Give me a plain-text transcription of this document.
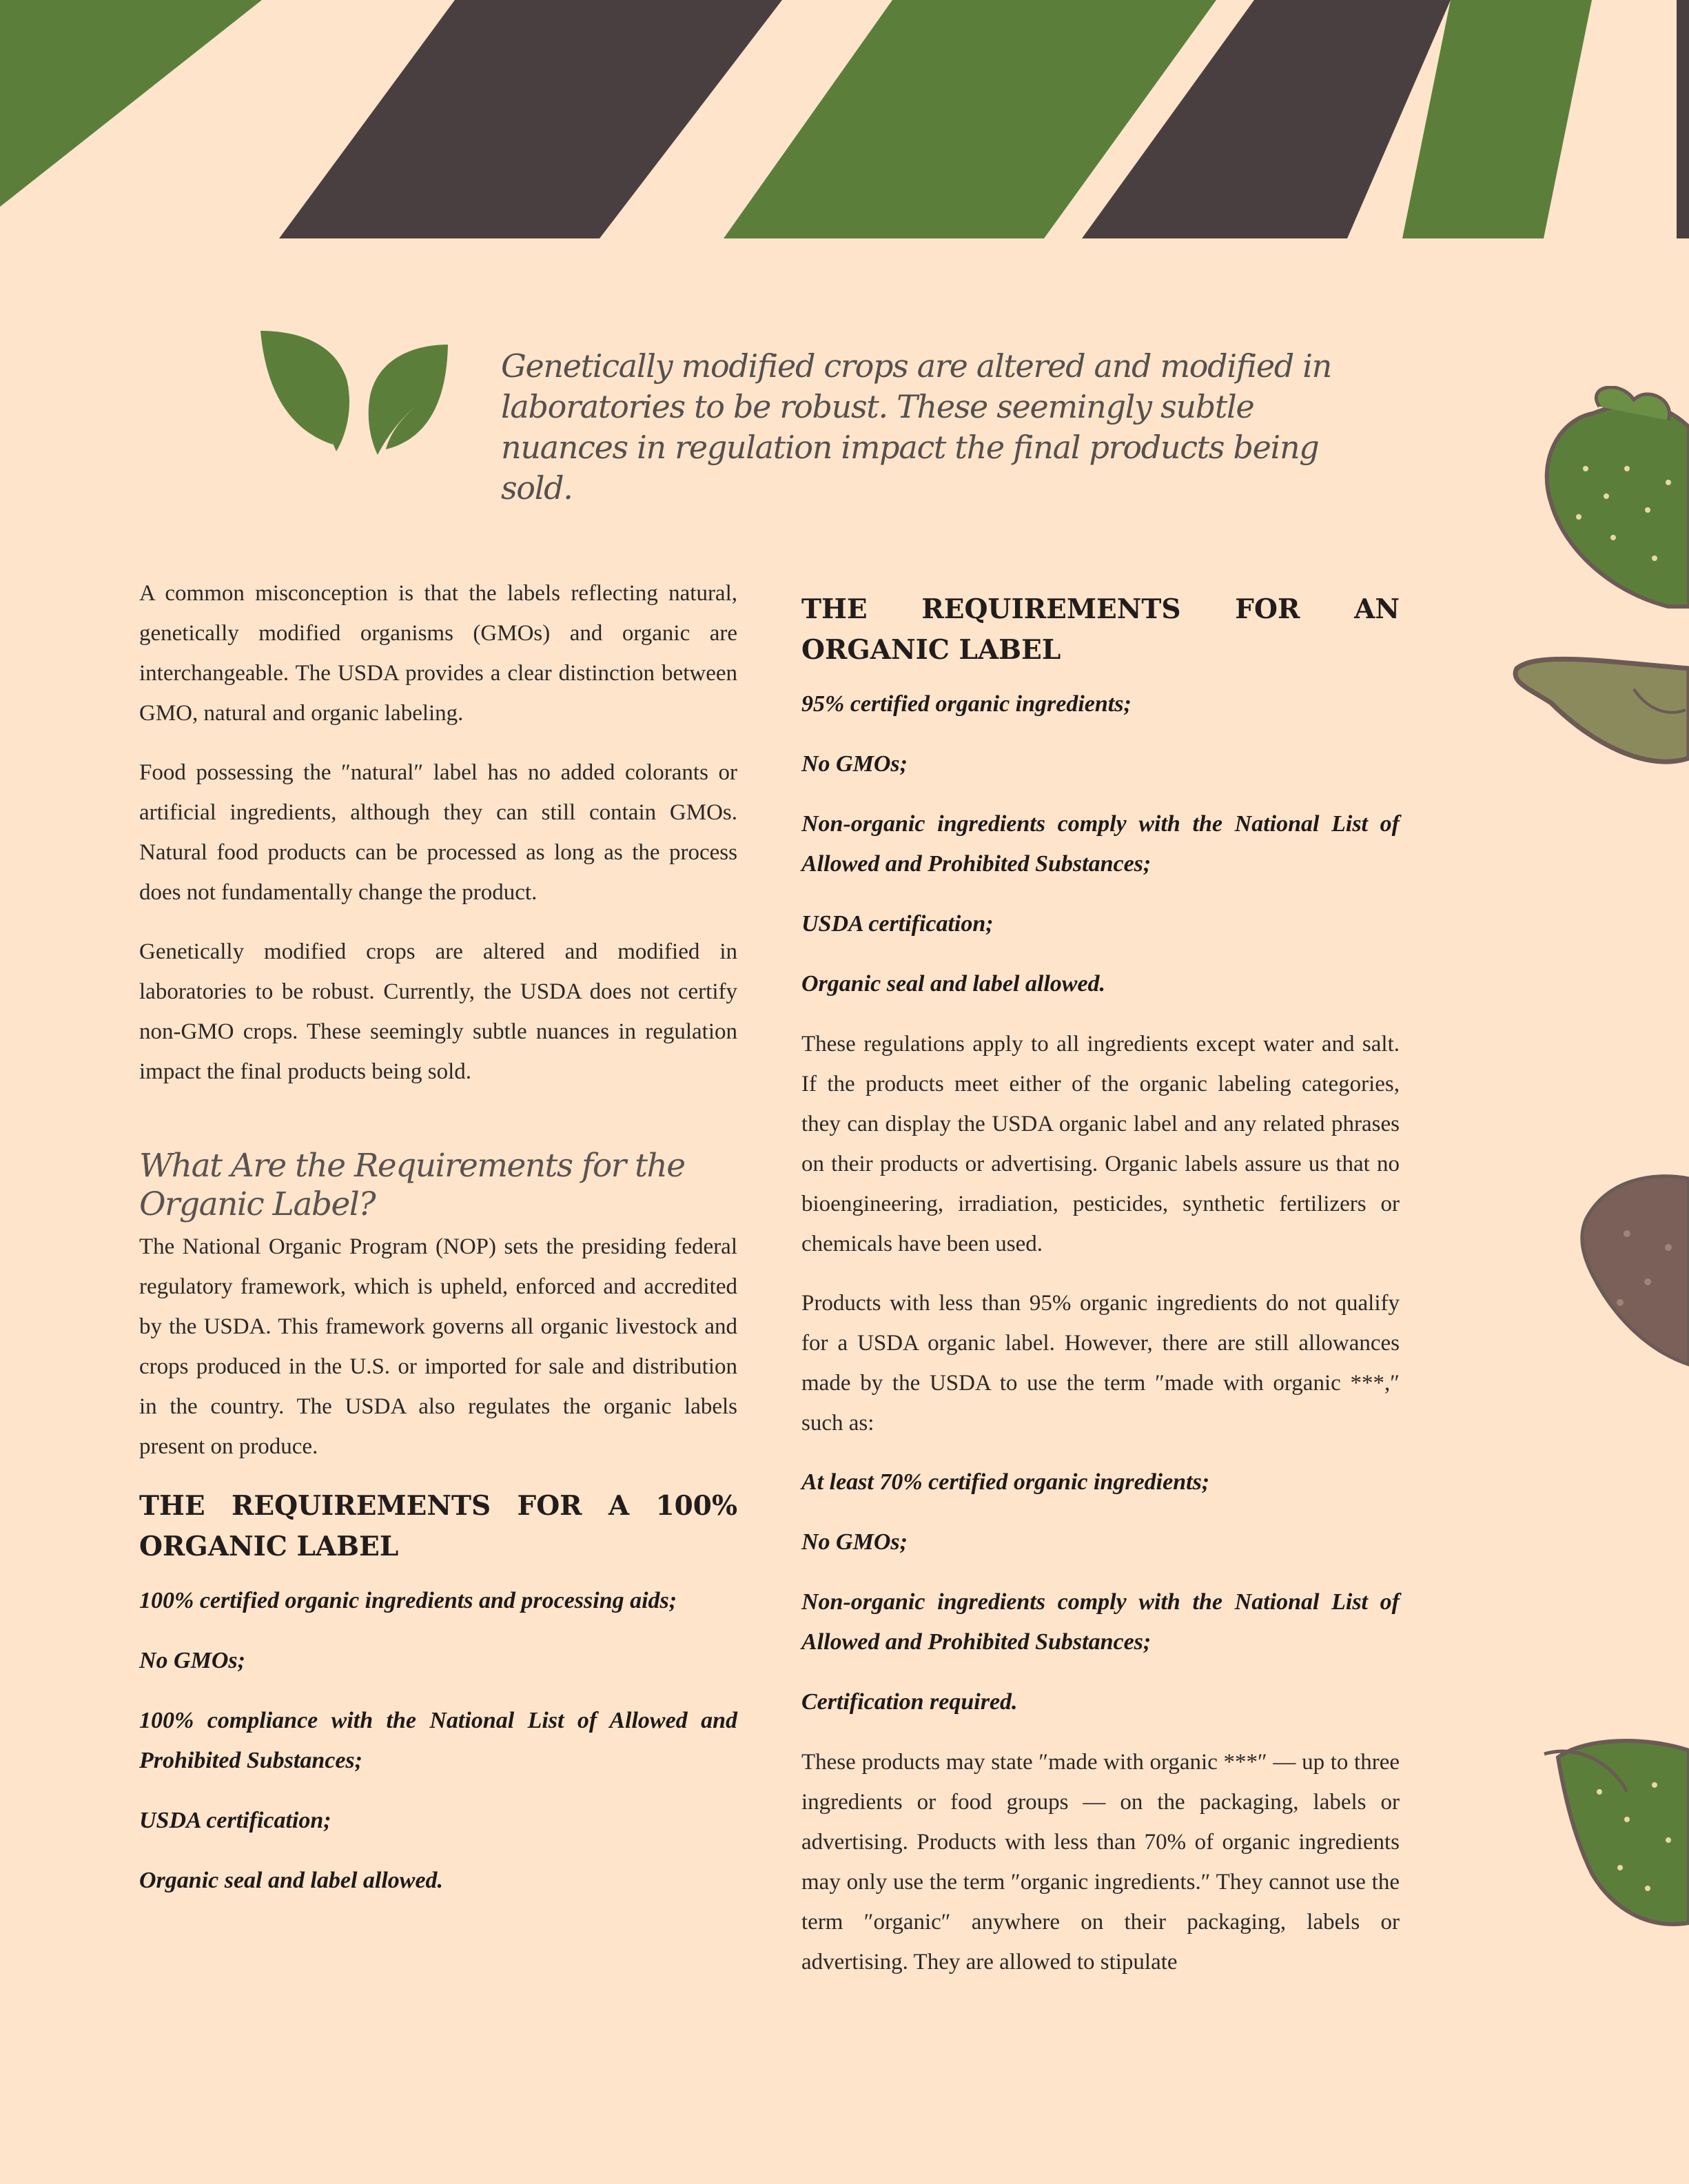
Genetically modified crops are altered and modified in laboratories to be robust. These seemingly subtle nuances in regulation impact the final products being sold.

A common misconception is that the labels reflecting natural, genetically modified organisms (GMOs) and organic are interchangeable. The USDA provides a clear distinction between GMO, natural and organic labeling.

Food possessing the ″natural″ label has no added colorants or artificial ingredients, although they can still contain GMOs. Natural food products can be processed as long as the process does not fundamentally change the product.

Genetically modified crops are altered and modified in laboratories to be robust. Currently, the USDA does not certify non-GMO crops. These seemingly subtle nuances in regulation impact the final products being sold.

What Are the Requirements for the Organic Label?

The National Organic Program (NOP) sets the presiding federal regulatory framework, which is upheld, enforced and accredited by the USDA. This framework governs all organic livestock and crops produced in the U.S. or imported for sale and distribution in the country. The USDA also regulates the organic labels present on produce.

THE REQUIREMENTS FOR A 100% ORGANIC LABEL

100% certified organic ingredients and processing aids;

No GMOs;

100% compliance with the National List of Allowed and Prohibited Substances;

USDA certification;

Organic seal and label allowed.

THE REQUIREMENTS FOR AN ORGANIC LABEL

95% certified organic ingredients;

No GMOs;

Non-organic ingredients comply with the National List of Allowed and Prohibited Substances;

USDA certification;

Organic seal and label allowed.

These regulations apply to all ingredients except water and salt. If the products meet either of the organic labeling categories, they can display the USDA organic label and any related phrases on their products or advertising. Organic labels assure us that no bioengineering, irradiation, pesticides, synthetic fertilizers or chemicals have been used.

Products with less than 95% organic ingredients do not qualify for a USDA organic label. However, there are still allowances made by the USDA to use the term ″made with organic ***,″ such as:

At least 70% certified organic ingredients;

No GMOs;

Non-organic ingredients comply with the National List of Allowed and Prohibited Substances;

Certification required.

These products may state ″made with organic ***″ — up to three ingredients or food groups — on the packaging, labels or advertising. Products with less than 70% of organic ingredients may only use the term ″organic ingredients.″ They cannot use the term ″organic″ anywhere on their packaging, labels or advertising. They are allowed to stipulate
